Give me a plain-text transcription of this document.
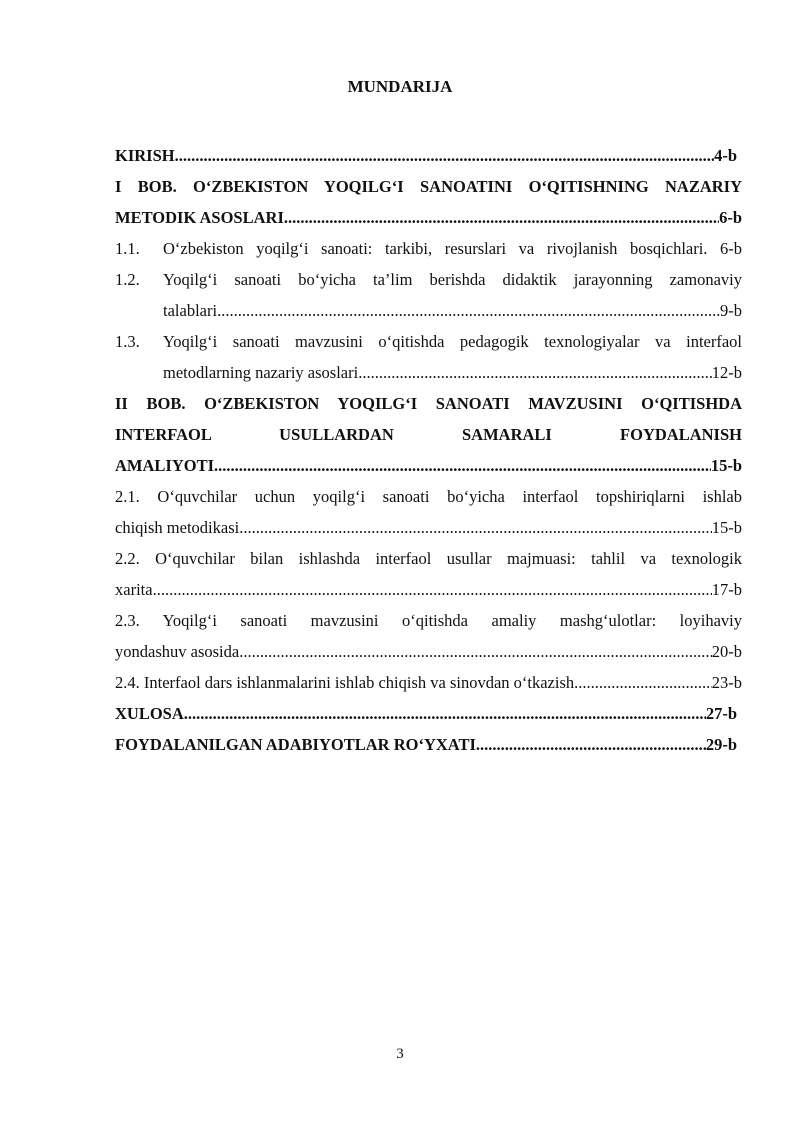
MUNDARIJA
KIRISH .....	4-b
I BOB. O‘ZBEKISTON YOQILG‘I SANOATINI O‘QITISHNING NAZARIY
METODIK ASOSLARI .....	6-b
1.1. O‘zbekiston yoqilg‘i sanoati: tarkibi, resurslari va rivojlanish bosqichlari. 6-b
1.2. Yoqilg‘i sanoati bo‘yicha ta’lim berishda didaktik jarayonning zamonaviy
talablari .....	9-b
1.3. Yoqilg‘i sanoati mavzusini o‘qitishda pedagogik texnologiyalar va interfaol
metodlarning nazariy asoslari .....	12-b
II BOB. O‘ZBEKISTON YOQILG‘I SANOATI MAVZUSINI O‘QITISHDA
INTERFAOL USULLARDAN SAMARALI FOYDALANISH
AMALIYOTI .....	15-b
2.1. O‘quvchilar uchun yoqilg‘i sanoati bo‘yicha interfaol topshiriqlarni ishlab
chiqish metodikasi .....	15-b
2.2. O‘quvchilar bilan ishlashda interfaol usullar majmuasi: tahlil va texnologik
xarita .....	17-b
2.3. Yoqilg‘i sanoati mavzusini o‘qitishda amaliy mashg‘ulotlar: loyihaviy
yondashuv asosida .....	20-b
2.4. Interfaol dars ishlanmalarini ishlab chiqish va sinovdan o‘tkazish .....	23-b
XULOSA .....	27-b
FOYDALANILGAN ADABIYOTLAR RO‘YXATI .....	29-b
3
